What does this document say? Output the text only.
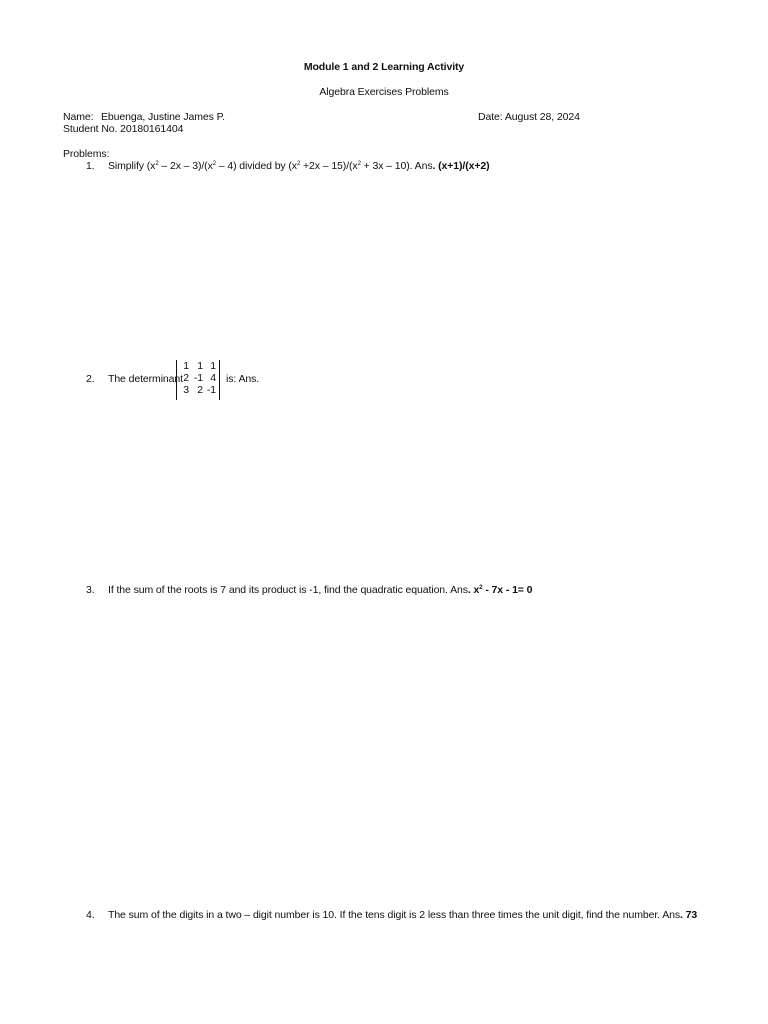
Module 1 and 2 Learning Activity
Algebra Exercises Problems
Name: Ebuenga, Justine James P.	Date: August 28, 2024
Student No. 20180161404
Problems:
1. Simplify $(x^2 - 2x - 3)/(x^2 - 4)$ divided by $(x^2 +2x - 15)/(x^2 + 3x - 10)$. Ans. (x+1)/(x+2)
2. The determinant
1 1 1
2 -1 4
3 2 -1
is: Ans.
3. If the sum of the roots is 7 and its product is -1, find the quadratic equation. Ans. $x^2 - 7x - 1= 0$
4. The sum of the digits in a two – digit number is 10. If the tens digit is 2 less than three times the unit digit, find the number. Ans. 73
